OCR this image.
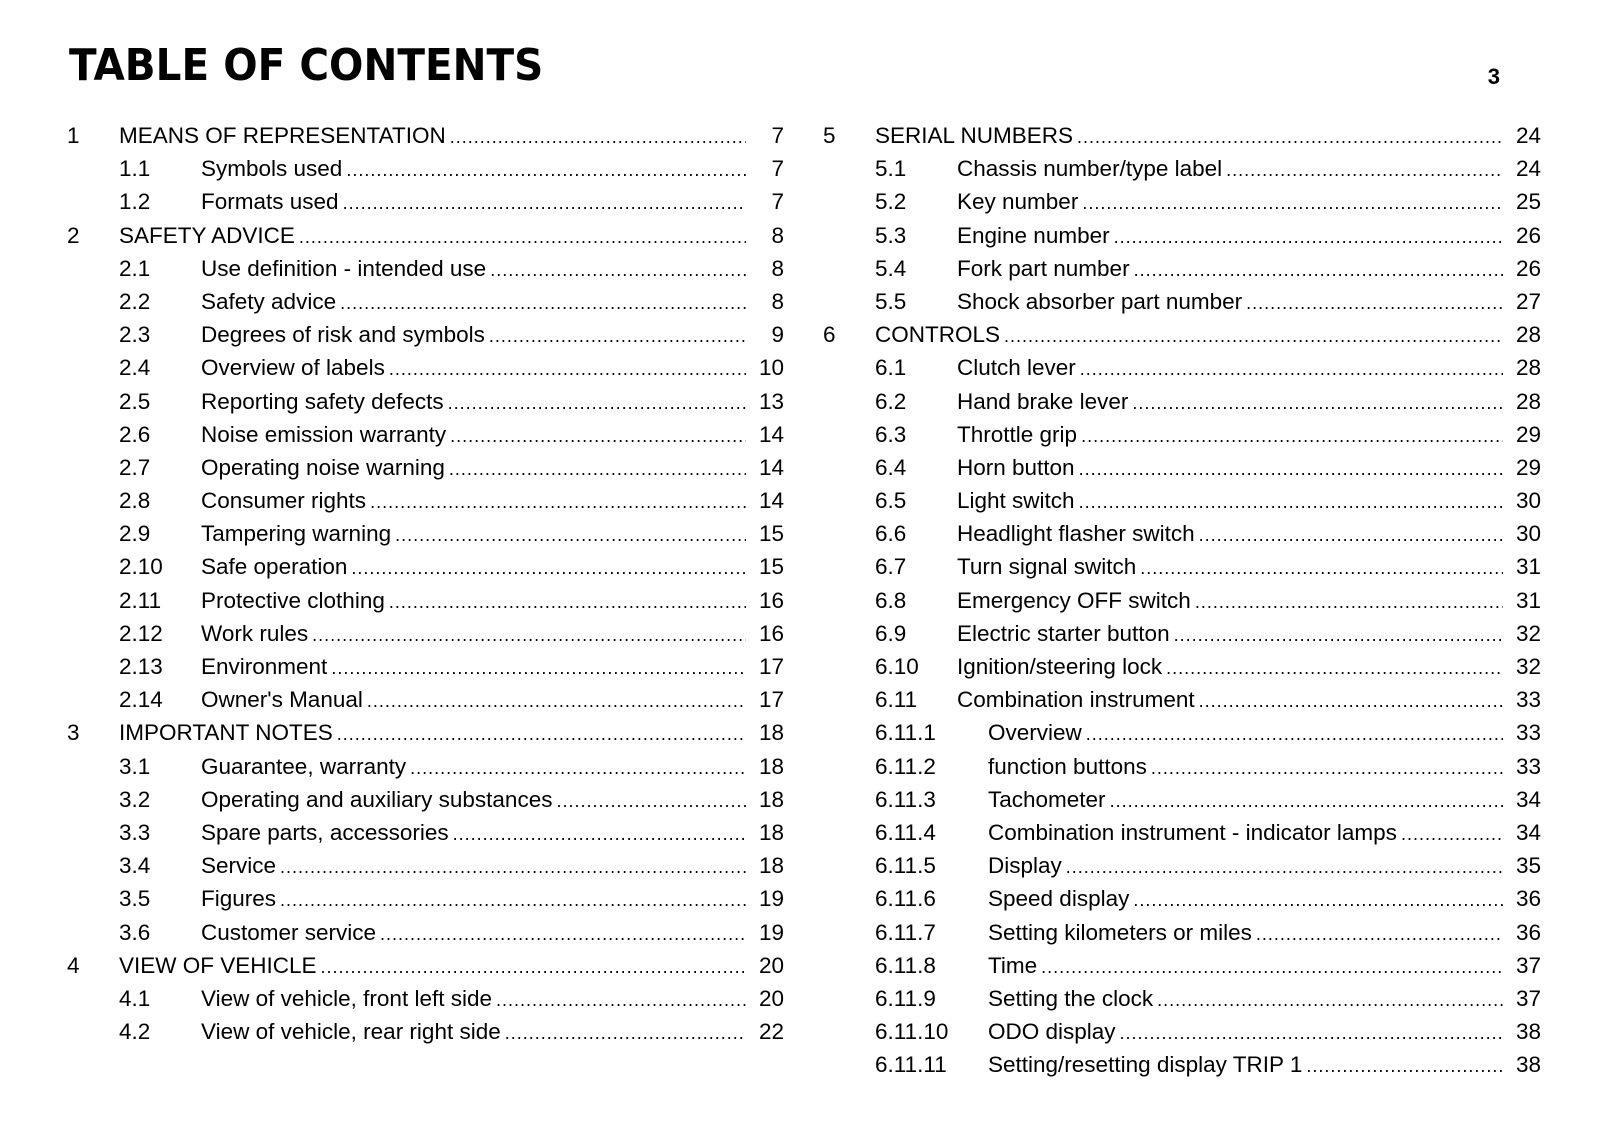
TABLE OF CONTENTS	3
1	MEANS OF REPRESENTATION .....	7
1.1	Symbols used .....	7
1.2	Formats used .....	7
2	SAFETY ADVICE .....	8
2.1	Use definition - intended use .....	8
2.2	Safety advice .....	8
2.3	Degrees of risk and symbols .....	9
2.4	Overview of labels .....	10
2.5	Reporting safety defects .....	13
2.6	Noise emission warranty .....	14
2.7	Operating noise warning .....	14
2.8	Consumer rights .....	14
2.9	Tampering warning .....	15
2.10	Safe operation .....	15
2.11	Protective clothing .....	16
2.12	Work rules .....	16
2.13	Environment .....	17
2.14	Owner's Manual .....	17
3	IMPORTANT NOTES .....	18
3.1	Guarantee, warranty .....	18
3.2	Operating and auxiliary substances .....	18
3.3	Spare parts, accessories .....	18
3.4	Service .....	18
3.5	Figures .....	19
3.6	Customer service .....	19
4	VIEW OF VEHICLE .....	20
4.1	View of vehicle, front left side .....	20
4.2	View of vehicle, rear right side .....	22
5	SERIAL NUMBERS .....	24
5.1	Chassis number/type label .....	24
5.2	Key number .....	25
5.3	Engine number .....	26
5.4	Fork part number .....	26
5.5	Shock absorber part number .....	27
6	CONTROLS .....	28
6.1	Clutch lever .....	28
6.2	Hand brake lever .....	28
6.3	Throttle grip .....	29
6.4	Horn button .....	29
6.5	Light switch .....	30
6.6	Headlight flasher switch .....	30
6.7	Turn signal switch .....	31
6.8	Emergency OFF switch .....	31
6.9	Electric starter button .....	32
6.10	Ignition/steering lock .....	32
6.11	Combination instrument .....	33
6.11.1	Overview .....	33
6.11.2	function buttons .....	33
6.11.3	Tachometer .....	34
6.11.4	Combination instrument - indicator lamps .....	34
6.11.5	Display .....	35
6.11.6	Speed display .....	36
6.11.7	Setting kilometers or miles .....	36
6.11.8	Time .....	37
6.11.9	Setting the clock .....	37
6.11.10	ODO display .....	38
6.11.11	Setting/resetting display TRIP 1 .....	38
